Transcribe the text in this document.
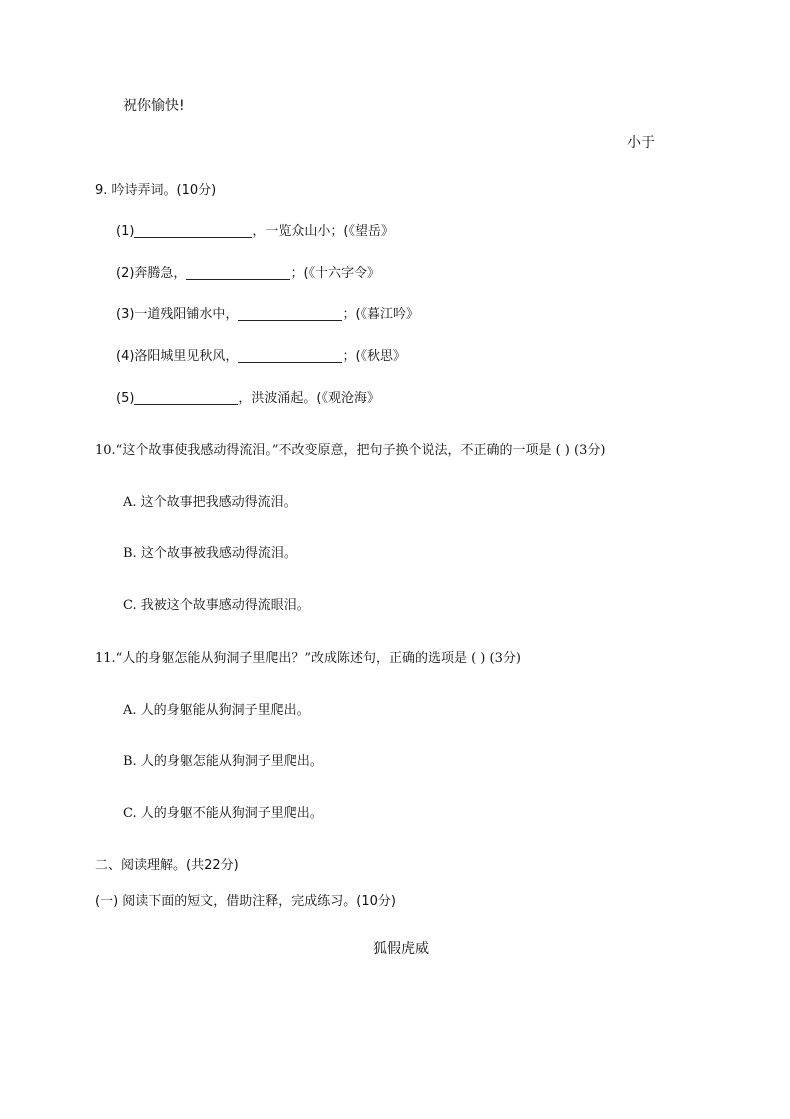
祝你愉快!
小于
9. 吟诗弄词。(10分)
(1)	，一览众山小；(《望岳》
(2)奔腾急，	；(《十六字令》
(3)一道残阳铺水中，	；(《暮江吟》
(4)洛阳城里见秋风，	；(《秋思》
(5)	，洪波涌起。(《观沧海》
10.“这个故事使我感动得流泪。”不改变原意，把句子换个说法，不正确的一项是 ( ) (3分)
A. 这个故事把我感动得流泪。
B. 这个故事被我感动得流泪。
C. 我被这个故事感动得流眼泪。
11.“人的身躯怎能从狗洞子里爬出？”改成陈述句，正确的选项是 ( ) (3分)
A. 人的身躯能从狗洞子里爬出。
B. 人的身躯怎能从狗洞子里爬出。
C. 人的身躯不能从狗洞子里爬出。
二、阅读理解。(共22分)
(一) 阅读下面的短文，借助注释，完成练习。(10分)
狐假虎威
